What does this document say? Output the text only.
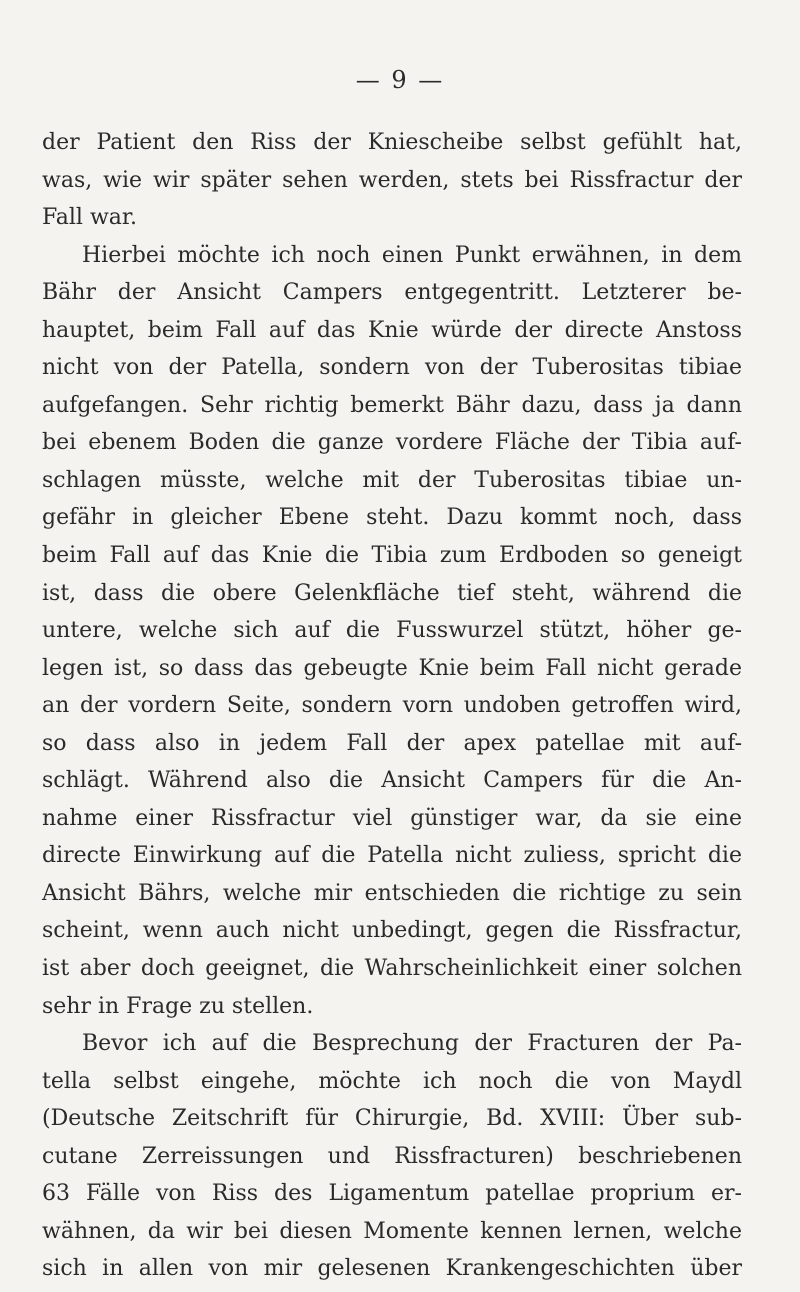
— 9 —
der Patient den Riss der Kniescheibe selbst gefühlt hat,
was, wie wir später sehen werden, stets bei Rissfractur der
Fall war.
Hierbei möchte ich noch einen Punkt erwähnen, in dem
Bähr der Ansicht Campers entgegentritt. Letzterer be-
hauptet, beim Fall auf das Knie würde der directe Anstoss
nicht von der Patella, sondern von der Tuberositas tibiae
aufgefangen. Sehr richtig bemerkt Bähr dazu, dass ja dann
bei ebenem Boden die ganze vordere Fläche der Tibia auf-
schlagen müsste, welche mit der Tuberositas tibiae un-
gefähr in gleicher Ebene steht. Dazu kommt noch, dass
beim Fall auf das Knie die Tibia zum Erdboden so geneigt
ist, dass die obere Gelenkfläche tief steht, während die
untere, welche sich auf die Fusswurzel stützt, höher ge-
legen ist, so dass das gebeugte Knie beim Fall nicht gerade
an der vordern Seite, sondern vorn undoben getroffen wird,
so dass also in jedem Fall der apex patellae mit auf-
schlägt. Während also die Ansicht Campers für die An-
nahme einer Rissfractur viel günstiger war, da sie eine
directe Einwirkung auf die Patella nicht zuliess, spricht die
Ansicht Bährs, welche mir entschieden die richtige zu sein
scheint, wenn auch nicht unbedingt, gegen die Rissfractur,
ist aber doch geeignet, die Wahrscheinlichkeit einer solchen
sehr in Frage zu stellen.
Bevor ich auf die Besprechung der Fracturen der Pa-
tella selbst eingehe, möchte ich noch die von Maydl
(Deutsche Zeitschrift für Chirurgie, Bd. XVIII: Über sub-
cutane Zerreissungen und Rissfracturen) beschriebenen
63 Fälle von Riss des Ligamentum patellae proprium er-
wähnen, da wir bei diesen Momente kennen lernen, welche
sich in allen von mir gelesenen Krankengeschichten über
